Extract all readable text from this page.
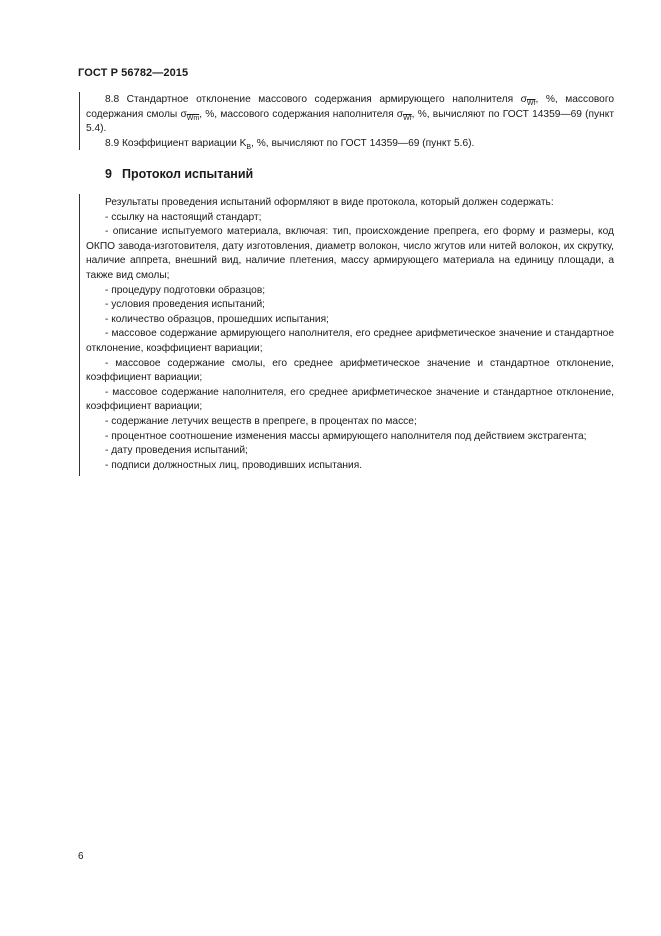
ГОСТ Р 56782—2015

8.8 Стандартное отклонение массового содержания армирующего наполнителя $\sigma_{\overline{Wf}}$, %, массового содержания смолы $\sigma_{\overline{Wm}}$, %, массового содержания наполнителя $\sigma_{\overline{Wf}}$, %, вычисляют по ГОСТ 14359—69 (пункт 5.4).

8.9 Коэффициент вариации $K_B$, %, вычисляют по ГОСТ 14359—69 (пункт 5.6).

9 Протокол испытаний

Результаты проведения испытаний оформляют в виде протокола, который должен содержать:

- ссылку на настоящий стандарт;

- описание испытуемого материала, включая: тип, происхождение препрега, его форму и размеры, код ОКПО завода-изготовителя, дату изготовления, диаметр волокон, число жгутов или нитей волокон, их скрутку, наличие аппрета, внешний вид, наличие плетения, массу армирующего материала на единицу площади, а также вид смолы;

- процедуру подготовки образцов;

- условия проведения испытаний;

- количество образцов, прошедших испытания;

- массовое содержание армирующего наполнителя, его среднее арифметическое значение и стандартное отклонение, коэффициент вариации;

- массовое содержание смолы, его среднее арифметическое значение и стандартное отклонение, коэффициент вариации;

- массовое содержание наполнителя, его среднее арифметическое значение и стандартное отклонение, коэффициент вариации;

- содержание летучих веществ в препреге, в процентах по массе;

- процентное соотношение изменения массы армирующего наполнителя под действием экстрагента;

- дату проведения испытаний;

- подписи должностных лиц, проводивших испытания.

6
